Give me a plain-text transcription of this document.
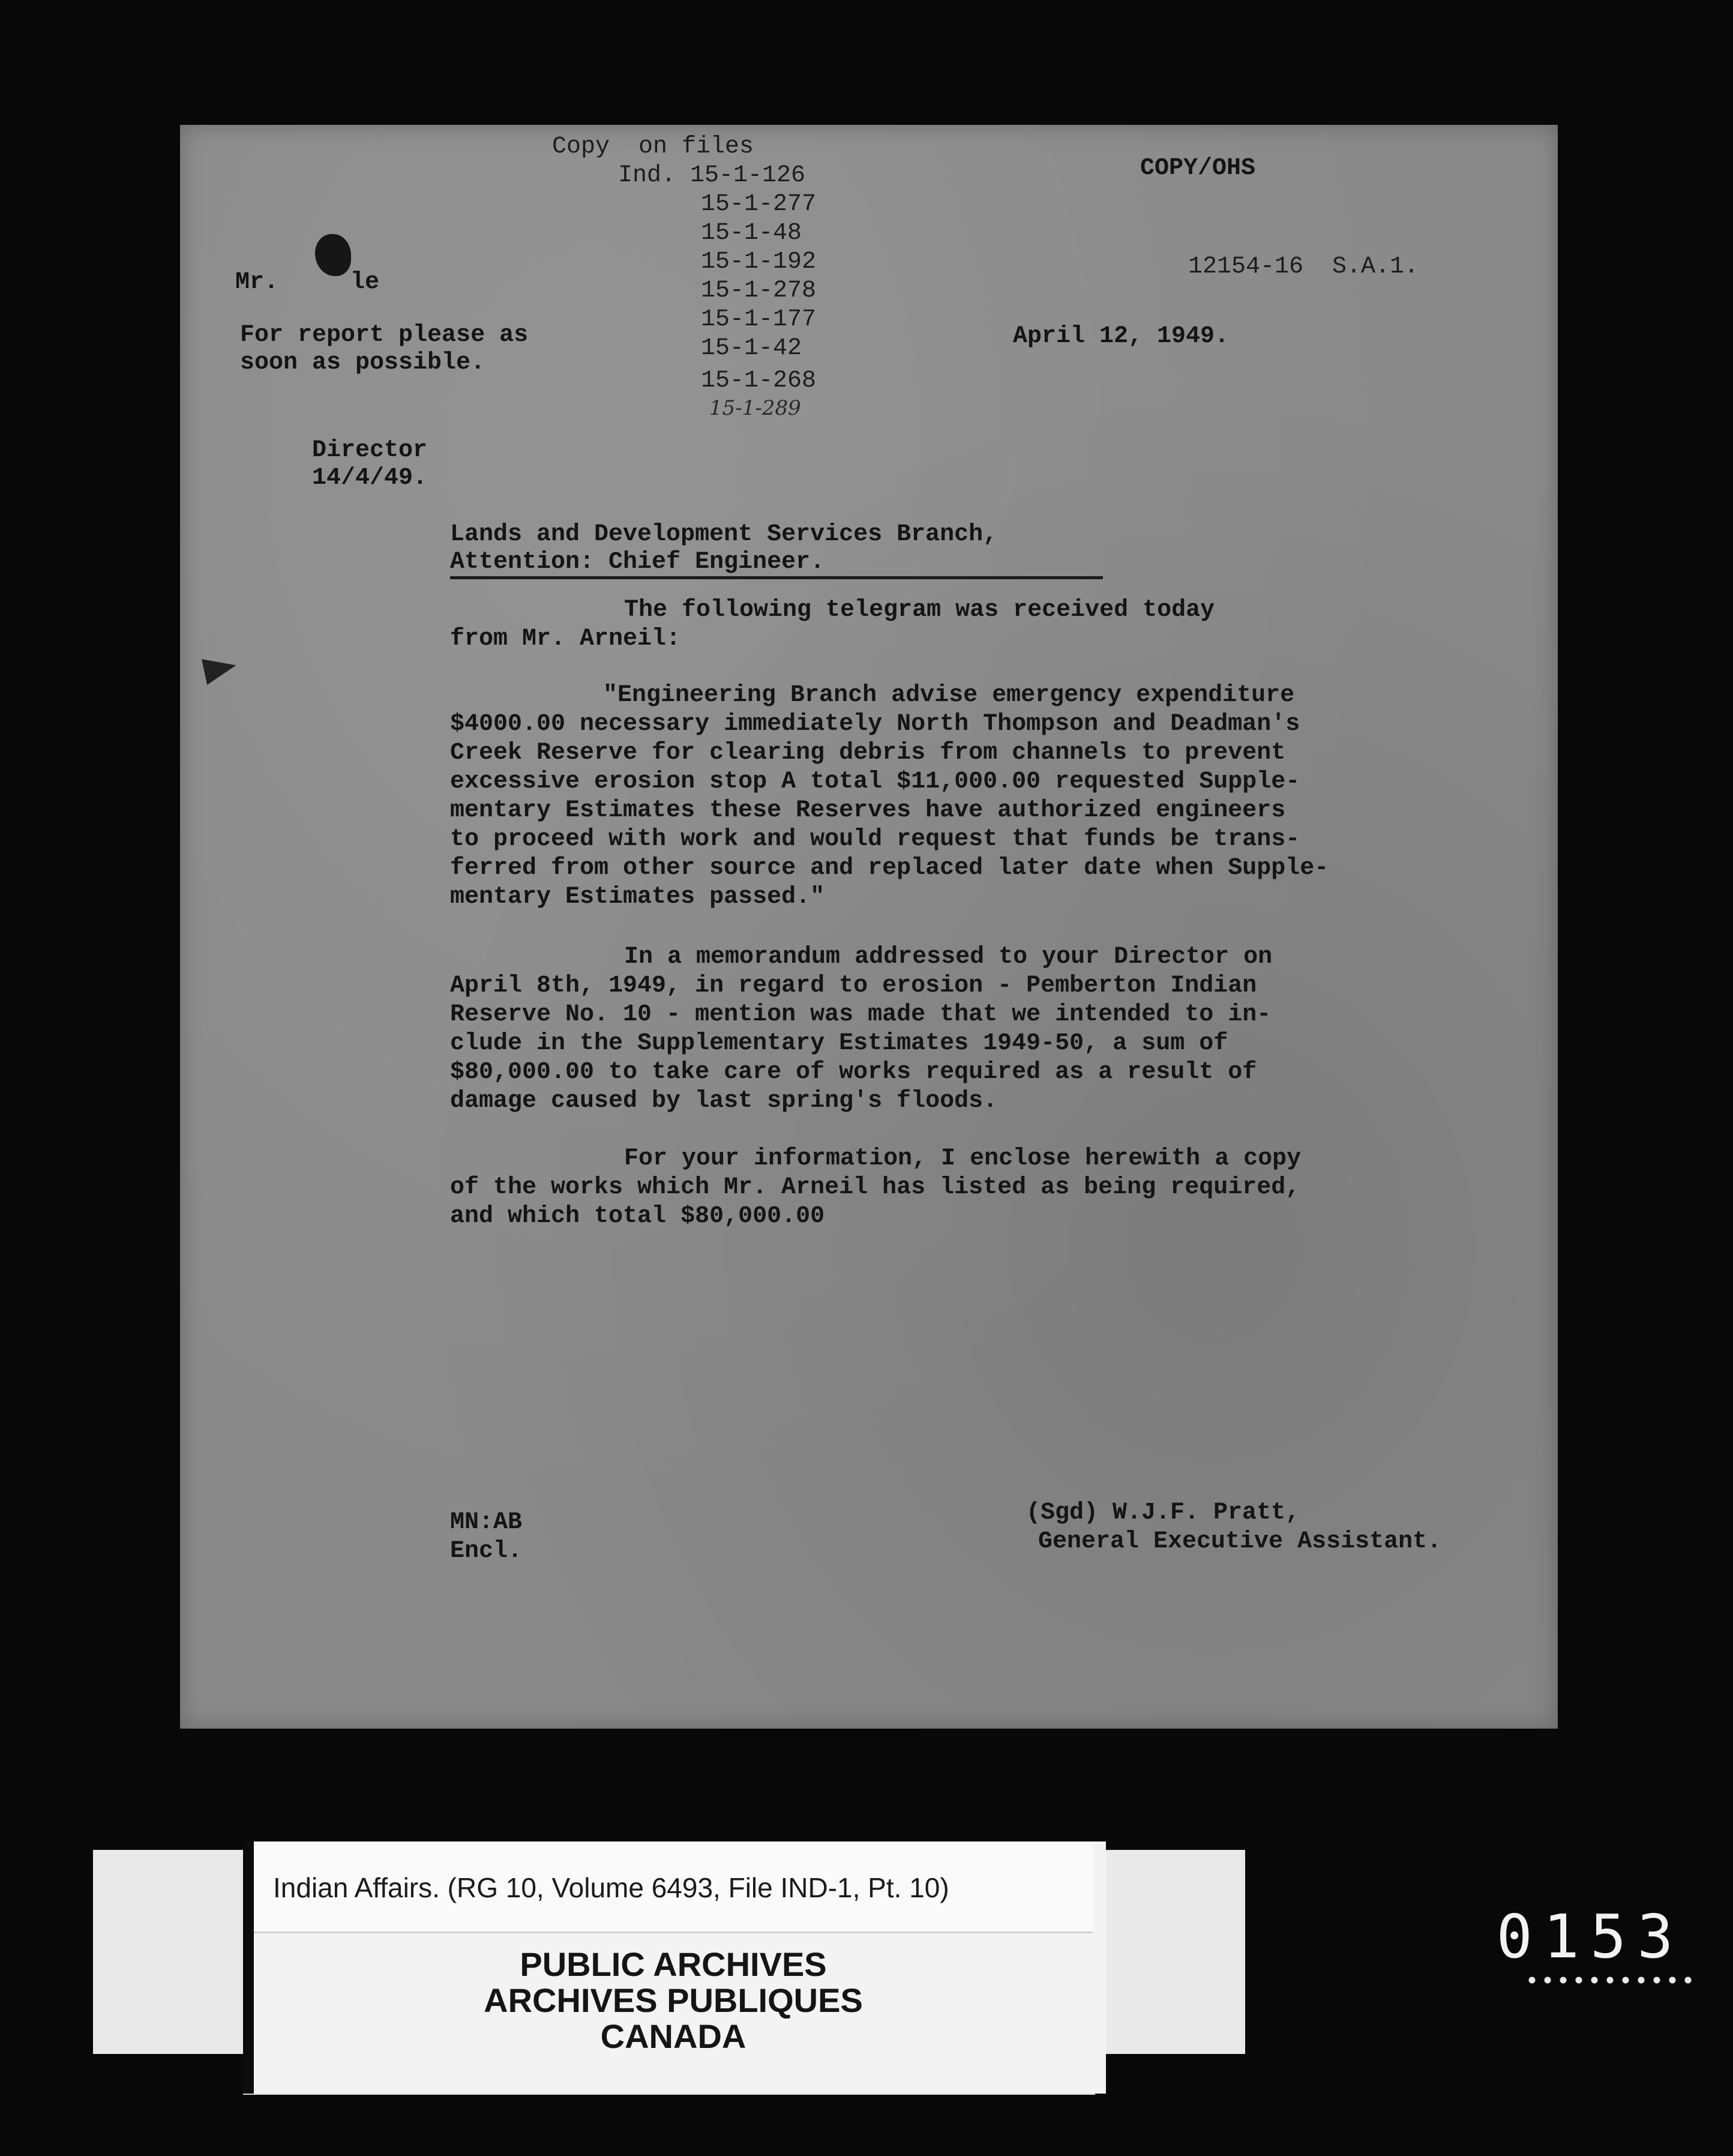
Copy  on files
Ind. 15-1-126
15-1-277
15-1-48
15-1-192
15-1-278
15-1-177
15-1-42
15-1-268
15-1-289
COPY/OHS
12154-16  S.A.1.
April 12, 1949.
Mr.     le
For report please as
soon as possible.
Director
14/4/49.
Lands and Development Services Branch,
Attention: Chief Engineer.
The following telegram was received today
from Mr. Arneil:
"Engineering Branch advise emergency expenditure
$4000.00 necessary immediately North Thompson and Deadman's
Creek Reserve for clearing debris from channels to prevent
excessive erosion stop A total $11,000.00 requested Supple-
mentary Estimates these Reserves have authorized engineers
to proceed with work and would request that funds be trans-
ferred from other source and replaced later date when Supple-
mentary Estimates passed."
In a memorandum addressed to your Director on
April 8th, 1949, in regard to erosion - Pemberton Indian
Reserve No. 10 - mention was made that we intended to in-
clude in the Supplementary Estimates 1949-50, a sum of
$80,000.00 to take care of works required as a result of
damage caused by last spring's floods.
For your information, I enclose herewith a copy
of the works which Mr. Arneil has listed as being required,
and which total $80,000.00
(Sgd) W.J.F. Pratt,
General Executive Assistant.
MN:AB
Encl.
Indian Affairs. (RG 10, Volume 6493, File IND-1, Pt. 10)
PUBLIC ARCHIVES
ARCHIVES PUBLIQUES
CANADA
0153
